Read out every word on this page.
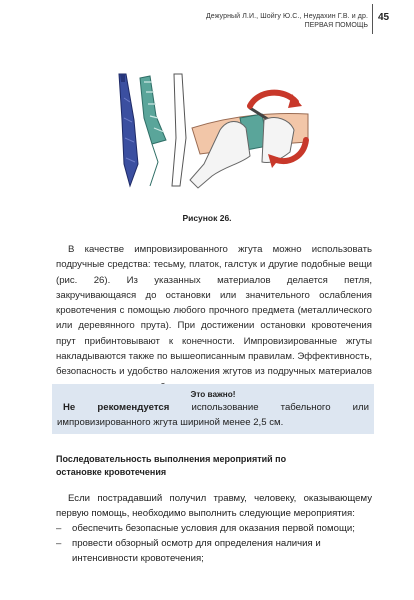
Дежурный Л.И., Шойгу Ю.С., Неудахин Г.В. и др.
ПЕРВАЯ ПОМОЩЬ
45
Рисунок 26.

В качестве импровизированного жгута можно использовать подручные средства: тесьму, платок, галстук и другие подобные вещи (рис. 26). Из указанных материалов делается петля, закручивающаяся до остановки или значительного ослабления кровотечения с помощью любого прочного предмета (металлического или деревянного прута). При достижении остановки кровотечения прут прибинтовывают к конечности. Импровизированные жгуты накладываются также по вышеописанным правилам. Эффективность, безопасность и удобство наложения жгутов из подручных материалов

Это важно!

Не рекомендуется использование табельного или импровизированного жгута шириной менее 2,5 см.

Последовательность выполнения мероприятий по остановке кровотечения

Если пострадавший получил травму, человеку, оказывающему первую помощь, необходимо выполнить следующие мероприятия:

– обеспечить безопасные условия для оказания первой помощи;
– провести обзорный осмотр для определения наличия и интенсивности кровотечения;
